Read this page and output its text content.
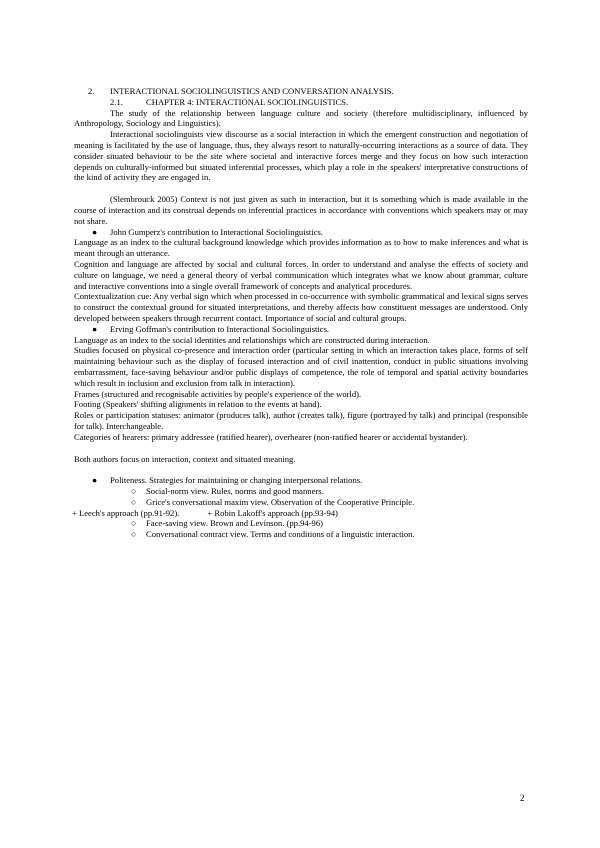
2. INTERACTIONAL SOCIOLINGUISTICS AND CONVERSATION ANALYSIS.

2.1.	CHAPTER 4: INTERACTIONAL SOCIOLINGUISTICS.

The study of the relationship between language culture and society (therefore multidisciplinary, influenced by Anthropology, Sociology and Linguistics).

Interactional sociolinguists view discourse as a social interaction in which the emergent construction and negotiation of meaning is facilitated by the use of language, thus, they always resort to naturally-occurring interactions as a source of data. They consider situated behaviour to be the site where societal and interactive forces merge and they focus on how such interaction depends on culturally-informed but situated inferential processes, which play a role in the speakers' interpretative constructions of the kind of activity they are engaged in.

(Slembrouck 2005) Context is not just given as such in interaction, but it is something which is made available in the course of interaction and its construal depends on inferential practices in accordance with conventions which speakers may or may not share.

● John Gumperz's contribution to Interactional Sociolinguistics.

Language as an index to the cultural background knowledge which provides information as to how to make inferences and what is meant through an utterance.

Cognition and language are affected by social and cultural forces. In order to understand and analyse the effects of society and culture on language, we need a general theory of verbal communication which integrates what we know about grammar, culture and interactive conventions into a single overall framework of concepts and analytical procedures.

Contextualization cue: Any verbal sign which when processed in co-occurrence with symbolic grammatical and lexical signs serves to construct the contextual ground for situated interpretations, and thereby affects how constituent messages are understood. Only developed between speakers through recurrent contact. Importance of social and cultural groups.

● Erving Goffman's contribution to Interactional Sociolinguistics.

Language as an index to the social identities and relationships which are constructed during interaction.

Studies focused on physical co-presence and interaction order (particular setting in which an interaction takes place, forms of self maintaining behaviour such as the display of focused interaction and of civil inattention, conduct in public situations involving embarrassment, face-saving behaviour and/or public displays of competence, the role of temporal and spatial activity boundaries which result in inclusion and exclusion from talk in interaction).

Frames (structured and recognisable activities by people's experience of the world).

Footing (Speakers' shifting alignments in relation to the events at hand).

Roles or participation statuses: animator (produces talk), author (creates talk), figure (portrayed by talk) and principal (responsible for talk). Interchangeable.

Categories of hearers: primary addressee (ratified hearer), overhearer (non-ratified hearer or accidental bystander).

Both authors focus on interaction, context and situated meaning.

● Politeness. Strategies for maintaining or changing interpersonal relations.

○ Social-norm view. Rules, norms and good manners.

○ Grice's conversational maxim view. Observation of the Cooperative Principle.

+ Leech's approach (pp.91-92).	+ Robin Lakoff's approach (pp.93-94)

○ Face-saving view. Brown and Levinson. (pp.94-96)

○ Conversational contract view. Terms and conditions of a linguistic interaction.

2
